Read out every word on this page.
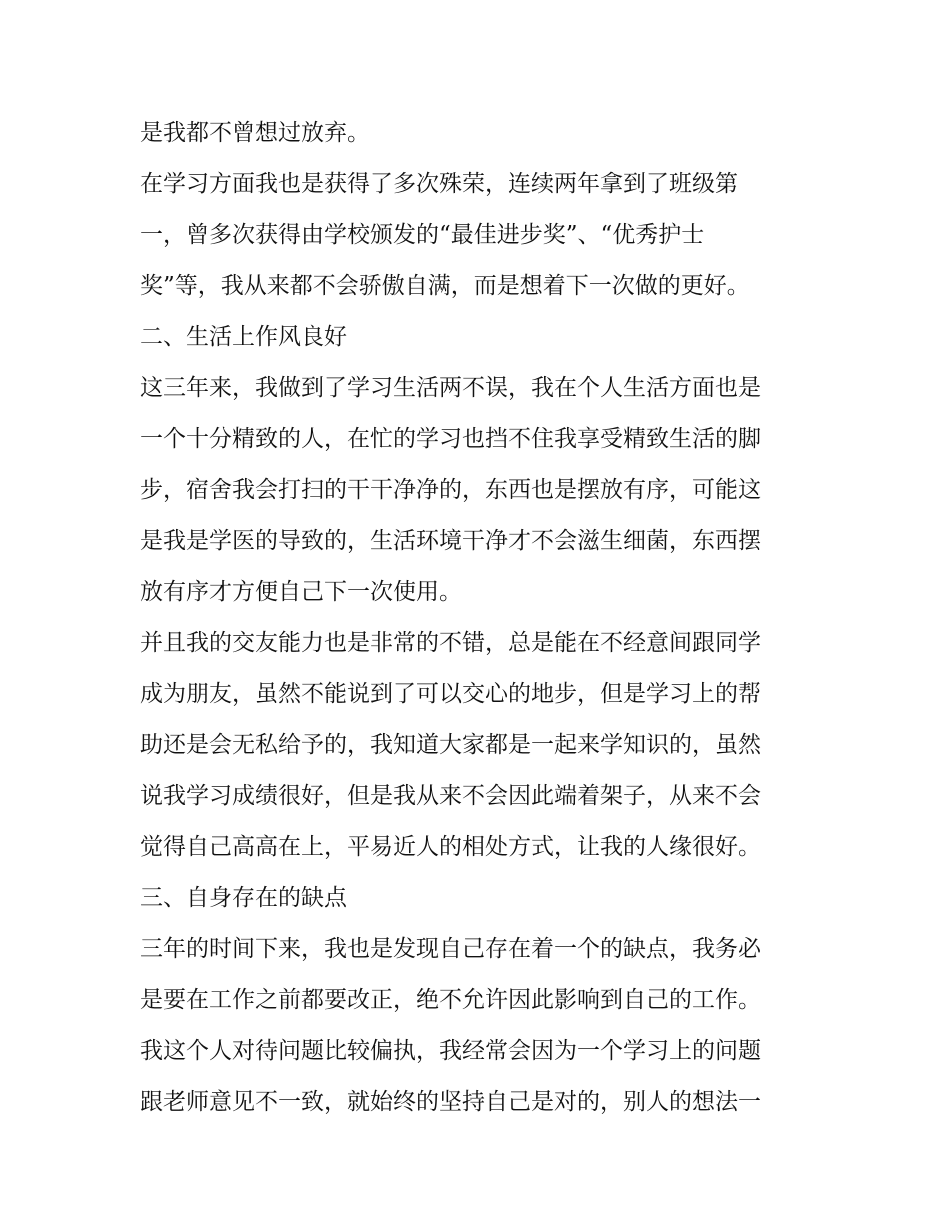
是我都不曾想过放弃。
在学习方面我也是获得了多次殊荣，连续两年拿到了班级第
一，曾多次获得由学校颁发的“最佳进步奖”、“优秀护士
奖”等，我从来都不会骄傲自满，而是想着下一次做的更好。
二、生活上作风良好
这三年来，我做到了学习生活两不误，我在个人生活方面也是
一个十分精致的人，在忙的学习也挡不住我享受精致生活的脚
步，宿舍我会打扫的干干净净的，东西也是摆放有序，可能这
是我是学医的导致的，生活环境干净才不会滋生细菌，东西摆
放有序才方便自己下一次使用。
并且我的交友能力也是非常的不错，总是能在不经意间跟同学
成为朋友，虽然不能说到了可以交心的地步，但是学习上的帮
助还是会无私给予的，我知道大家都是一起来学知识的，虽然
说我学习成绩很好，但是我从来不会因此端着架子，从来不会
觉得自己高高在上，平易近人的相处方式，让我的人缘很好。
三、自身存在的缺点
三年的时间下来，我也是发现自己存在着一个的缺点，我务必
是要在工作之前都要改正，绝不允许因此影响到自己的工作。
我这个人对待问题比较偏执，我经常会因为一个学习上的问题
跟老师意见不一致，就始终的坚持自己是对的，别人的想法一
